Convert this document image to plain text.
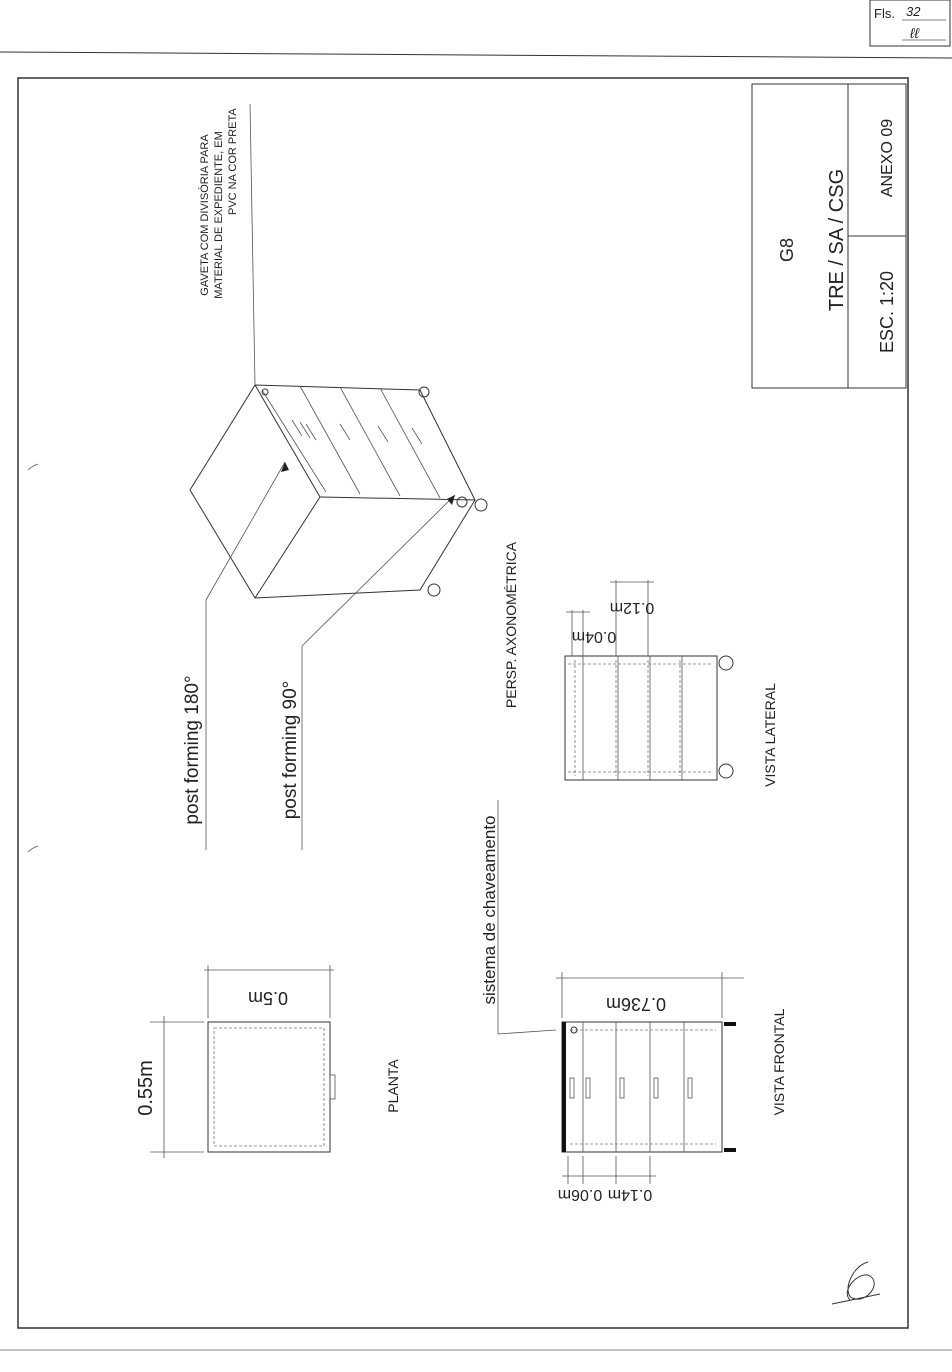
Fls. 32
ℓℓ
G8 TRE / SA / CSG
ESC. 1:20
ANEXO 09
GAVETA COM DIVISÓRIA PARA MATERIAL DE EXPEDIENTE, EM PVC NA COR PRETA
post forming 180°	post forming 90°
PERSP. AXONOMÉTRICA	0.04m
0.12m
VISTA LATERAL
0.5m
0.55m	PLANTA
0.736m
0.14m
0.06m
sistema de chaveamento
VISTA FRONTAL
